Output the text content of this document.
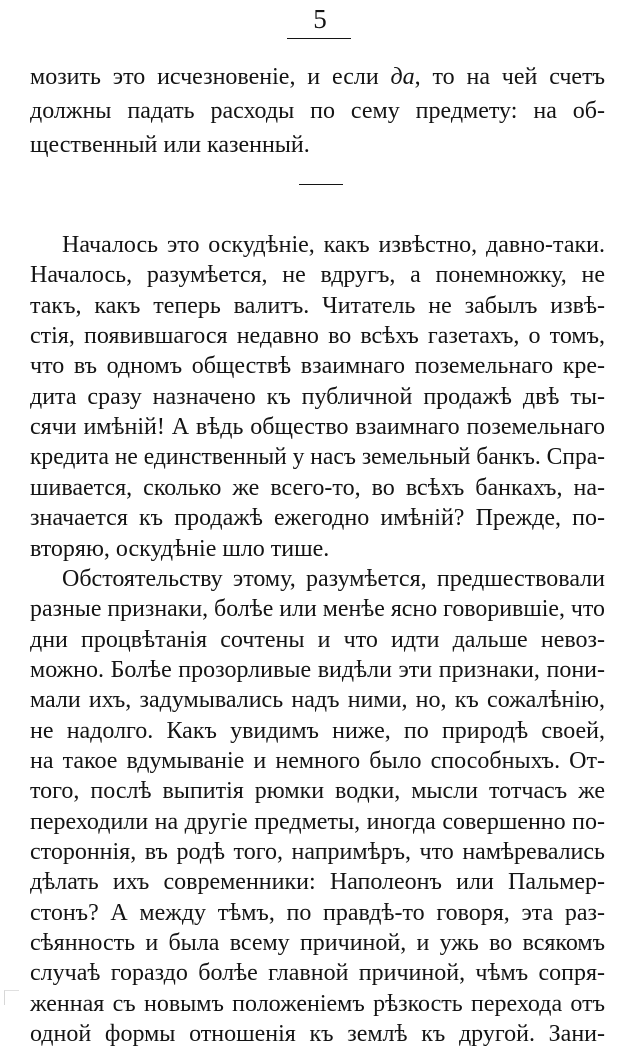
5
мозить это исчезновеніе, и если да, то на чей счетъ
должны падать расходы по сему предмету: на об-
щественный или казенный.
Началось это оскудѣніе, какъ извѣстно, давно-таки.
Началось, разумѣется, не вдругъ, а понемножку, не
такъ, какъ теперь валитъ. Читатель не забылъ извѣ-
стія, появившагося недавно во всѣхъ газетахъ, о томъ,
что въ одномъ обществѣ взаимнаго поземельнаго кре-
дита сразу назначено къ публичной продажѣ двѣ ты-
сячи имѣній! А вѣдь общество взаимнаго поземельнаго
кредита не единственный у насъ земельный банкъ. Спра-
шивается, сколько же всего-то, во всѣхъ банкахъ, на-
значается къ продажѣ ежегодно имѣній? Прежде, по-
вторяю, оскудѣніе шло тише.
Обстоятельству этому, разумѣется, предшествовали
разные признаки, болѣе или менѣе ясно говорившіе, что
дни процвѣтанія сочтены и что идти дальше невоз-
можно. Болѣе прозорливые видѣли эти признаки, пони-
мали ихъ, задумывались надъ ними, но, къ сожалѣнію,
не надолго. Какъ увидимъ ниже, по природѣ своей,
на такое вдумываніе и немного было способныхъ. От-
того, послѣ выпитія рюмки водки, мысли тотчасъ же
переходили на другіе предметы, иногда совершенно по-
стороннія, въ родѣ того, напримѣръ, что намѣревались
дѣлать ихъ современники: Наполеонъ или Пальмер-
стонъ? А между тѣмъ, по правдѣ-то говоря, эта раз-
сѣянность и была всему причиной, и ужь во всякомъ
случаѣ гораздо болѣе главной причиной, чѣмъ сопря-
женная съ новымъ положеніемъ рѣзкость перехода отъ
одной формы отношенія къ землѣ къ другой. Зани-
